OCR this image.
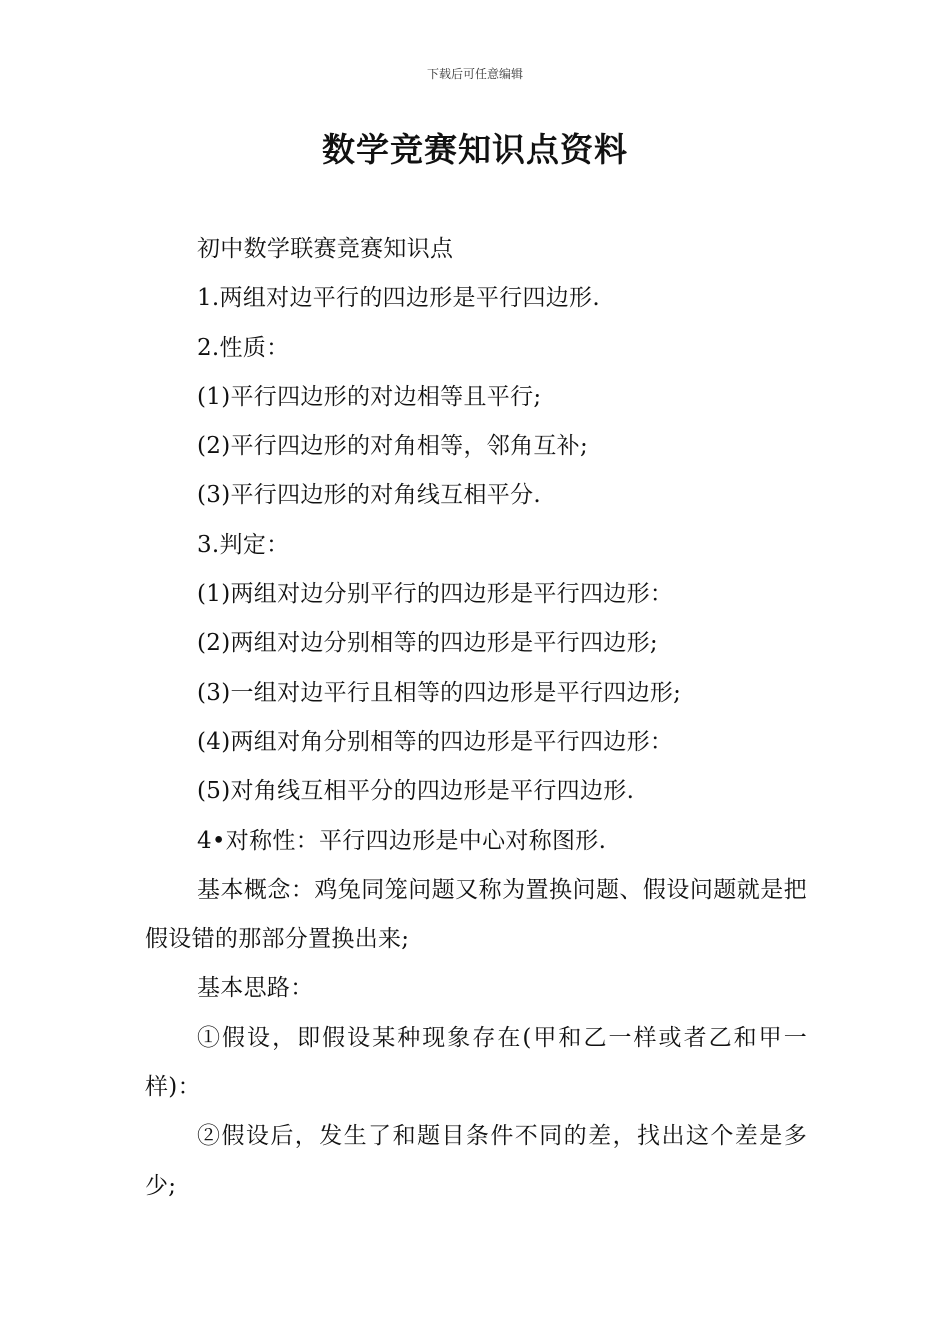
下载后可任意编辑
数学竞赛知识点资料

初中数学联赛竞赛知识点

1.两组对边平行的四边形是平行四边形.

2.性质：

(1)平行四边形的对边相等且平行;

(2)平行四边形的对角相等，邻角互补;

(3)平行四边形的对角线互相平分.

3.判定：

(1)两组对边分别平行的四边形是平行四边形：

(2)两组对边分别相等的四边形是平行四边形;

(3)一组对边平行且相等的四边形是平行四边形;

(4)两组对角分别相等的四边形是平行四边形：

(5)对角线互相平分的四边形是平行四边形.

4•对称性：平行四边形是中心对称图形.

基本概念：鸡兔同笼问题又称为置换问题、假设问题就是把假设错的那部分置换出来;

基本思路：

①假设，即假设某种现象存在(甲和乙一样或者乙和甲一样)：

②假设后，发生了和题目条件不同的差，找出这个差是多少;
